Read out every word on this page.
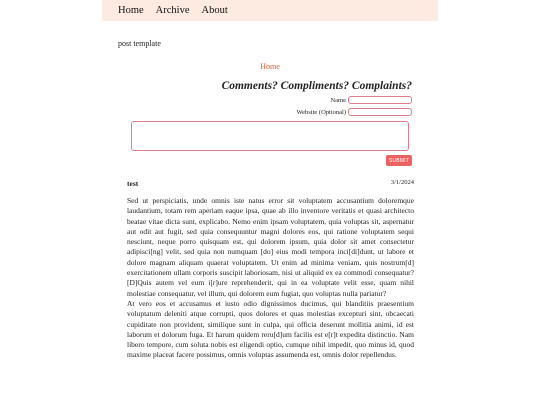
Home Archive About
post template
Home
Comments? Compliments? Complaints?
Name
Website (Optional)
SUBMIT
test	3/1/2024

Sed ut perspiciatis, unde omnis iste natus error sit voluptatem accusantium doloremque laudantium, totam rem aperiam eaque ipsa, quae ab illo inventore veritatis et quasi architecto beatae vitae dicta sunt, explicabo. Nemo enim ipsam voluptatem, quia voluptas sit, aspernatur aut odit aut fugit, sed quia consequuntur magni dolores eos, qui ratione voluptatem sequi nesciunt, neque porro quisquam est, qui dolorem ipsum, quia dolor sit amet consectetur adipisci[ng] velit, sed quia non numquam [do] eius modi tempora inci[di]dunt, ut labore et dolore magnam aliquam quaerat voluptatem. Ut enim ad minima veniam, quis nostrum[d] exercitationem ullam corporis suscipit laboriosam, nisi ut aliquid ex ea commodi consequatur? [D]Quis autem vel eum i[r]ure reprehenderit, qui in ea voluptate velit esse, quam nihil molestiae consequatur, vel illum, qui dolorem eum fugiat, quo voluptas nulla pariatur?

At vero eos et accusamus et iusto odio dignissimos ducimus, qui blanditiis praesentium voluptatum deleniti atque corrupti, quos dolores et quas molestias excepturi sint, obcaecati cupiditate non provident, similique sunt in culpa, qui officia deserunt mollitia animi, id est laborum et dolorum fuga. Et harum quidem reru[d]um facilis est e[r]t expedita distinctio. Nam libero tempore, cum soluta nobis est eligendi optio, cumque nihil impedit, quo minus id, quod maxime placeat facere possimus, omnis voluptas assumenda est, omnis dolor repellendus.
